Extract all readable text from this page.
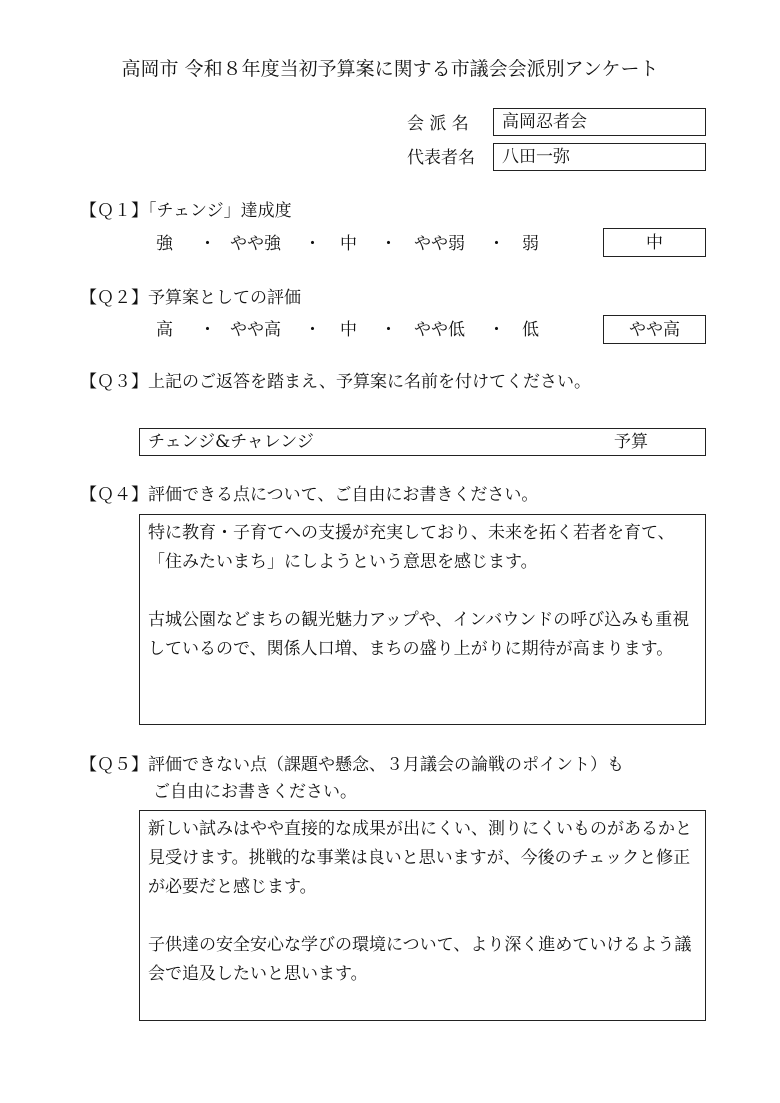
高岡市 令和８年度当初予算案に関する市議会会派別アンケート
会 派 名 高岡忍者会
代表者名 八田一弥
【Ｑ１】「チェンジ」達成度
強 ・ やや強 ・ 中 ・ やや弱 ・ 弱	中
【Ｑ２】予算案としての評価
高 ・ やや高 ・ 中 ・ やや低 ・ 低	やや高
【Ｑ３】上記のご返答を踏まえ、予算案に名前を付けてください。
チェンジ&チャレンジ	予算
【Ｑ４】評価できる点について、ご自由にお書きください。
特に教育・子育てへの支援が充実しており、未来を拓く若者を育て、「住みたいまち」にしようという意思を感じます。
古城公園などまちの観光魅力アップや、インバウンドの呼び込みも重視しているので、関係人口増、まちの盛り上がりに期待が高まります。
【Ｑ５】評価できない点（課題や懸念、３月議会の論戦のポイント）も
ご自由にお書きください。
新しい試みはやや直接的な成果が出にくい、測りにくいものがあるかと見受けます。挑戦的な事業は良いと思いますが、今後のチェックと修正が必要だと感じます。
子供達の安全安心な学びの環境について、より深く進めていけるよう議会で追及したいと思います。
